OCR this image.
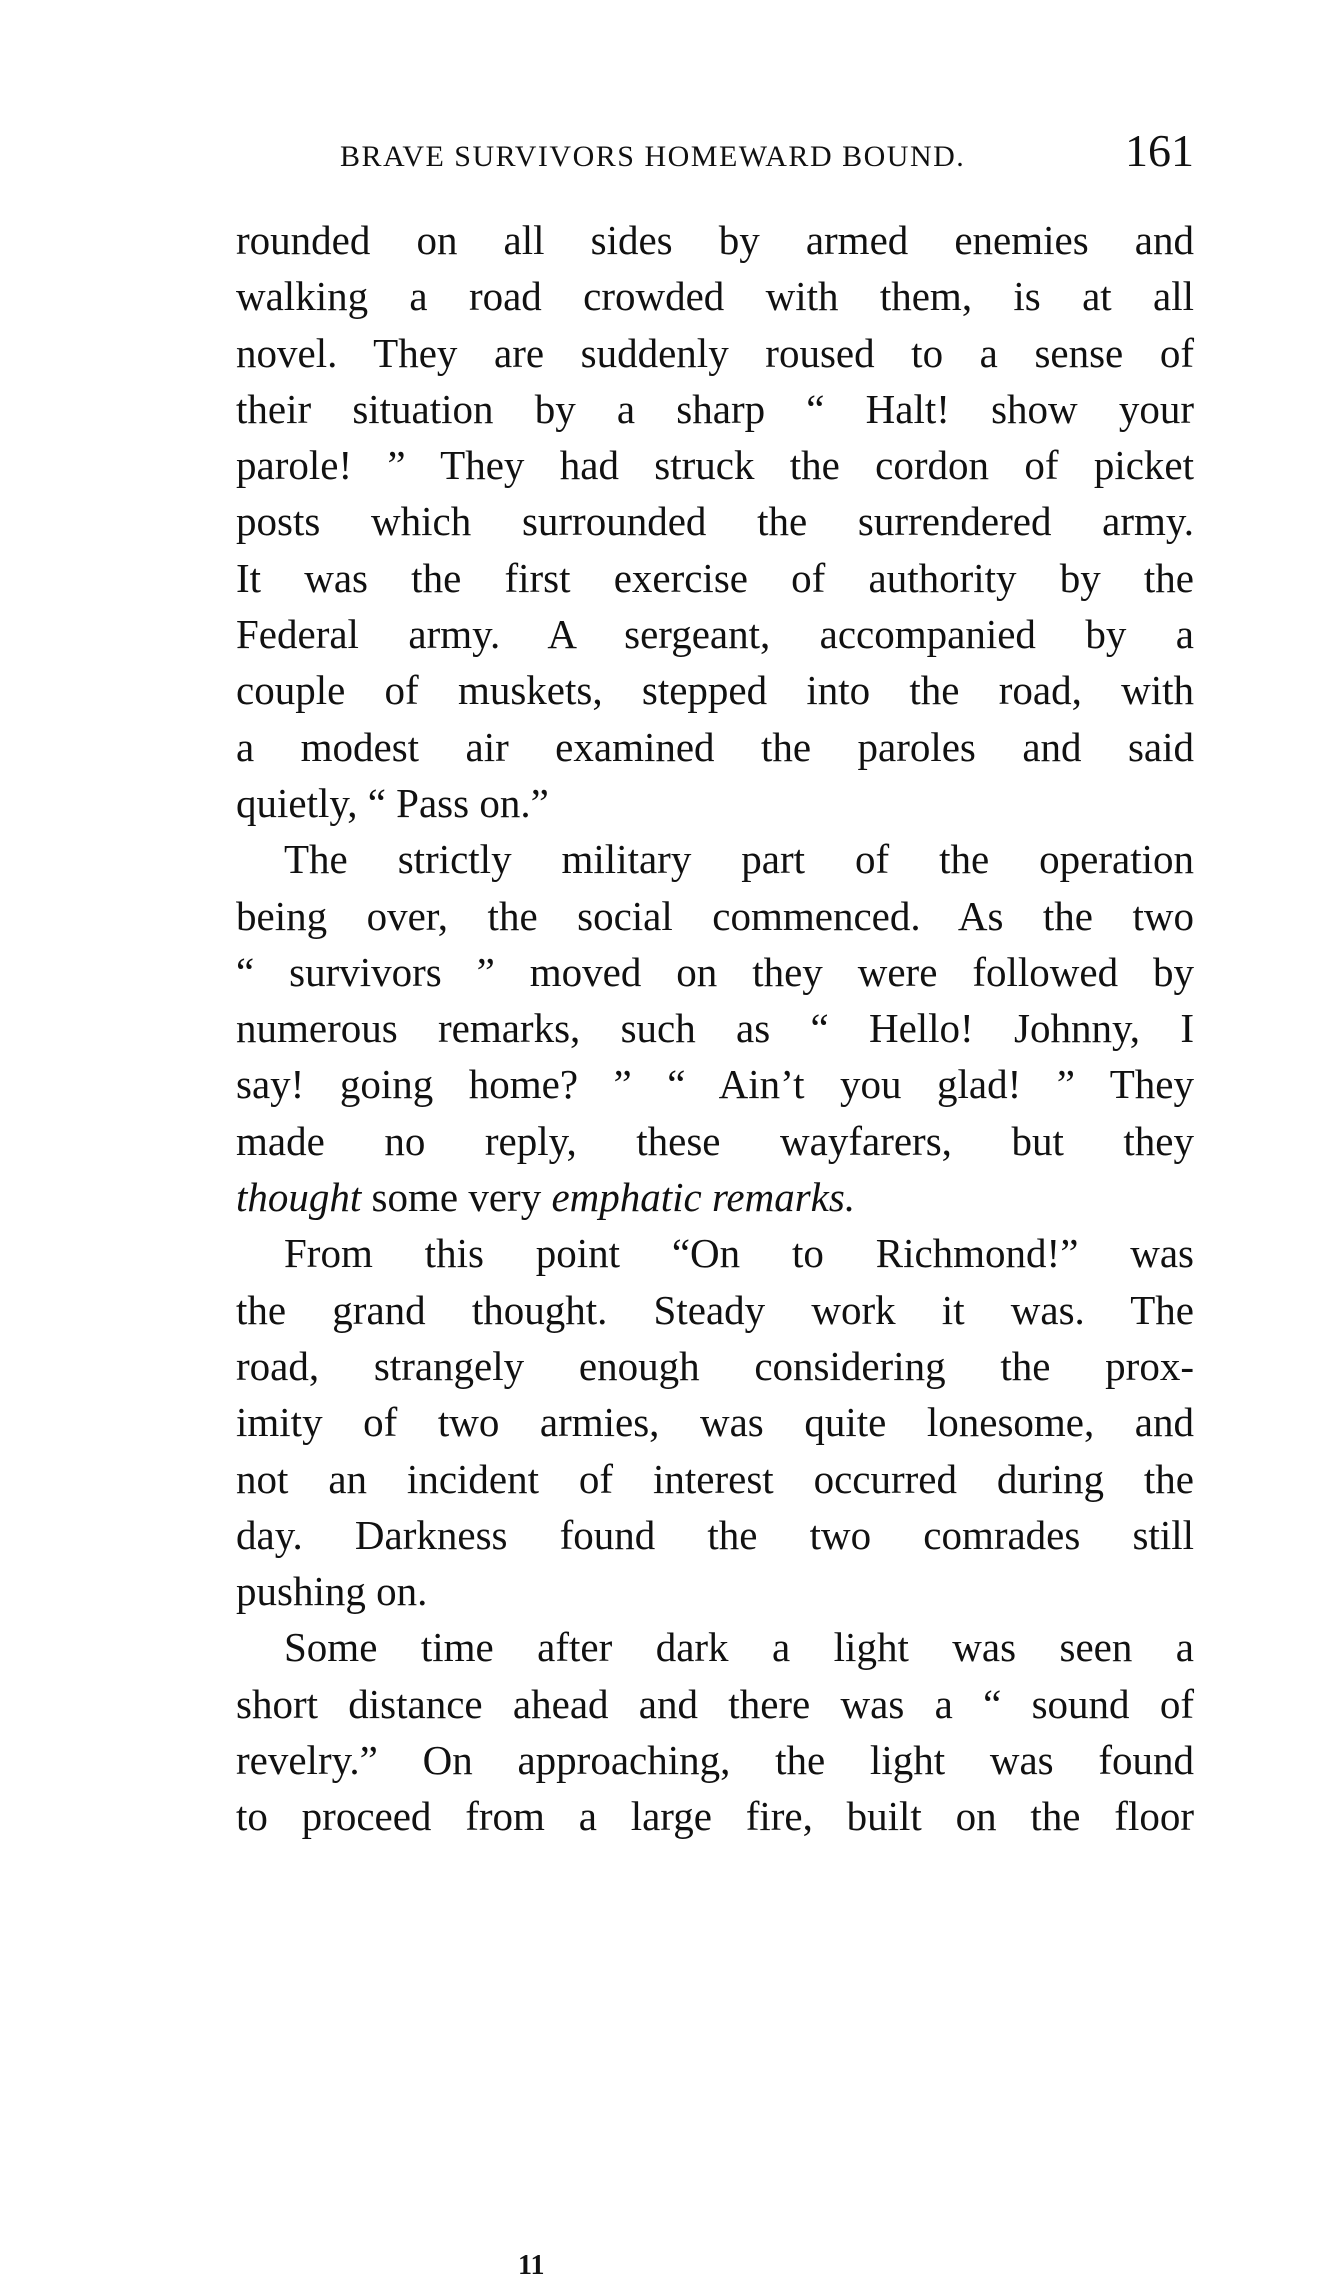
BRAVE SURVIVORS HOMEWARD BOUND.	161
rounded on all sides by armed enemies and
walking a road crowded with them, is at all
novel. They are suddenly roused to a sense of
their situation by a sharp “ Halt! show your
parole! ” They had struck the cordon of picket
posts which surrounded the surrendered army.
It was the first exercise of authority by the
Federal army. A sergeant, accompanied by a
couple of muskets, stepped into the road, with
a modest air examined the paroles and said
quietly, “ Pass on.”
The strictly military part of the operation
being over, the social commenced. As the two
“ survivors ” moved on they were followed by
numerous remarks, such as “ Hello! Johnny, I
say! going home? ” “ Ain’t you glad! ” They
made no reply, these wayfarers, but they
thought some very emphatic remarks.
From this point “On to Richmond!” was
the grand thought. Steady work it was. The
road, strangely enough considering the prox-
imity of two armies, was quite lonesome, and
not an incident of interest occurred during the
day. Darkness found the two comrades still
pushing on.
Some time after dark a light was seen a
short distance ahead and there was a “ sound of
revelry.” On approaching, the light was found
to proceed from a large fire, built on the floor
11
